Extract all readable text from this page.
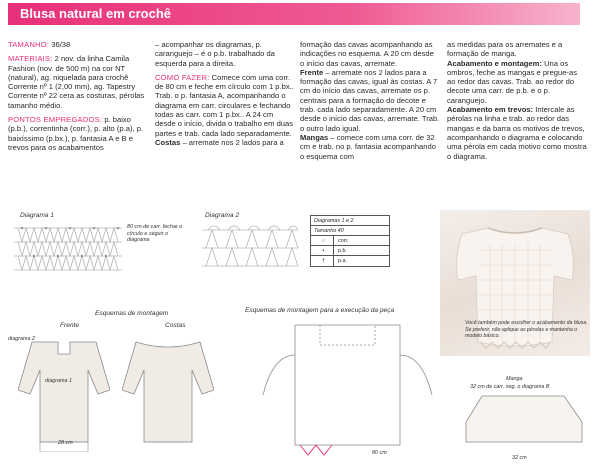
Blusa natural em crochê

TAMANHO: 36/38

MATERIAIS: 2 nov. da linha Camila Fashion (nov. de 500 m) na cor NT (natural), ag. niquelada para crochê Corrente nº 1 (2,00 mm), ag. Tapestry Corrente nº 22 cera as costuras, pérolas tamanho médio.

PONTOS EMPREGADOS: p. baixo (p.b.), correntinha (corr.), p. alto (p.a), p. baixíssimo (p.bx.), p. fantasia A e B e trevos para os acabamentos

– acompanhar os diagramas, p. caranguejo – é o p.b. trabalhado da esquerda para a direita.

COMO FAZER: Comece com uma corr. de 80 cm e feche em círculo com 1 p.bx.. Trab. o p. fantasia A, acompanhando o diagrama em carr. circulares e fechando todas as carr. com 1 p.bx.. A 24 cm desde o início, divida o trabalho em duas partes e trab. cada lado separadamente.

Costas – arremate nos 2 lados para a

formação das cavas acompanhando as indicações no esquema. A 20 cm desde o início das cavas, arremate.

Frente – arremate nos 2 lados para a formação das cavas, igual às costas. A 7 cm do início das cavas, arremate os p. centrais para a formação do decote e trab. cada lado separadamente. A 20 cm desde o início das cavas, arremate. Trab. o outro lado igual.

Mangas – comece com uma corr. de 32 cm e trab. no p. fantasia acompanhando o esquema com

as medidas para os arremates e a formação de manga.

Acabamento e montagem: Una os ombros, feche as mangas e pregue-as ao redor das cavas. Trab. ao redor do decote uma carr. de p.b. e o p. caranguejo.

Acabamento em trevos: Intercale as pérolas na linha e trab. ao redor das mangas e da barra os motivos de trevos, acompanhando o diagrama e colocando uma pérola em cada motivo como mostra o diagrama.

Diagrama 1
80 cm de carr. fechar o círculo e seguir o diagrama
Diagrama 2
Diagramas 1 e 2
Tamanho 40
○	corr.
•	p.b.
†	p.a.
Você também pode escolher o acabamento da blusa. Se preferir, não aplique as pérolas e mantenha o modelo básico.
Esquemas de montagem
Frente	Costas
Esquemas de montagem para a execução da peça
diagrama 2
diagrama 1
28 cm
80 cm
Manga
32 cm de carr. seg. o diagrama B
32 cm
